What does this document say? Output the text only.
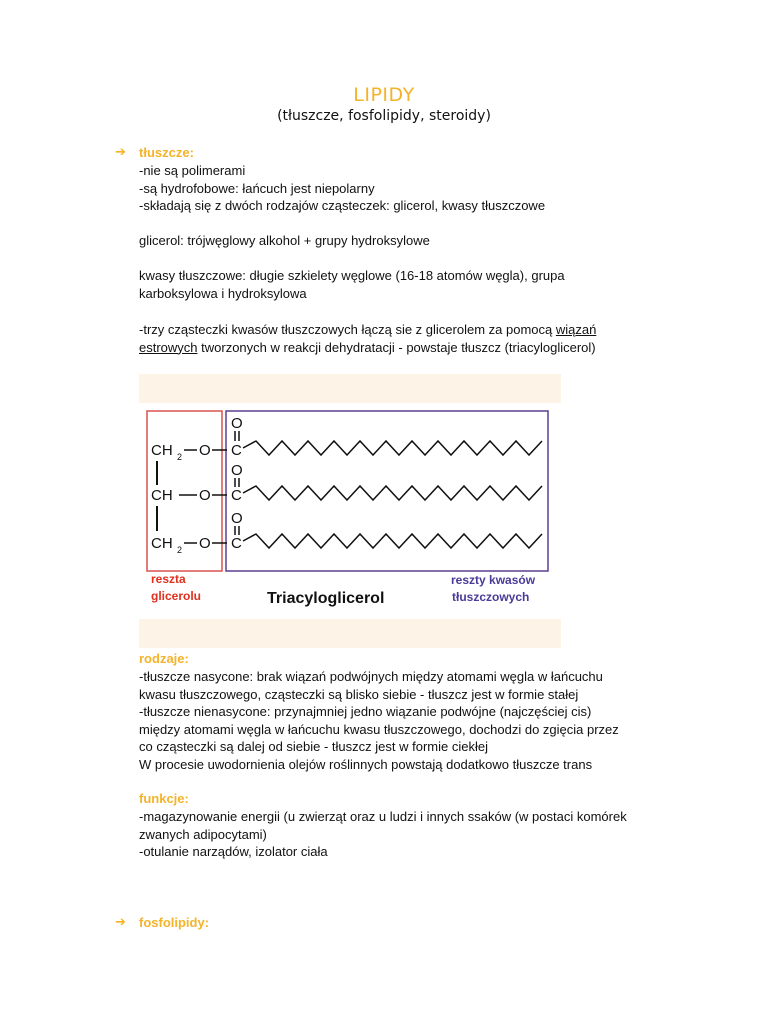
LIPIDY
(tłuszcze, fosfolipidy, steroidy)
➔ tłuszcze:
-nie są polimerami
-są hydrofobowe: łańcuch jest niepolarny
-składają się z dwóch rodzajów cząsteczek: glicerol, kwasy tłuszczowe
glicerol: trójwęglowy alkohol + grupy hydroksylowe
kwasy tłuszczowe: długie szkielety węglowe (16-18 atomów węgla), grupa
karboksylowa i hydroksylowa
-trzy cząsteczki kwasów tłuszczowych łączą sie z glicerolem za pomocą wiązań
estrowych tworzonych w reakcji dehydratacji - powstaje tłuszcz (triacyloglicerol)
CH 2 O C
O
CH O C
O
CH 2 O C
O
reszta
glicerolu	Triacyloglicerol
reszty kwasów
tłuszczowych
rodzaje:
-tłuszcze nasycone: brak wiązań podwójnych między atomami węgla w łańcuchu
kwasu tłuszczowego, cząsteczki są blisko siebie - tłuszcz jest w formie stałej
-tłuszcze nienasycone: przynajmniej jedno wiązanie podwójne (najczęściej cis)
między atomami węgla w łańcuchu kwasu tłuszczowego, dochodzi do zgięcia przez
co cząsteczki są dalej od siebie - tłuszcz jest w formie ciekłej
W procesie uwodornienia olejów roślinnych powstają dodatkowo tłuszcze trans
funkcje:
-magazynowanie energii (u zwierząt oraz u ludzi i innych ssaków (w postaci komórek
zwanych adipocytami)
-otulanie narządów, izolator ciała
➔ fosfolipidy:
